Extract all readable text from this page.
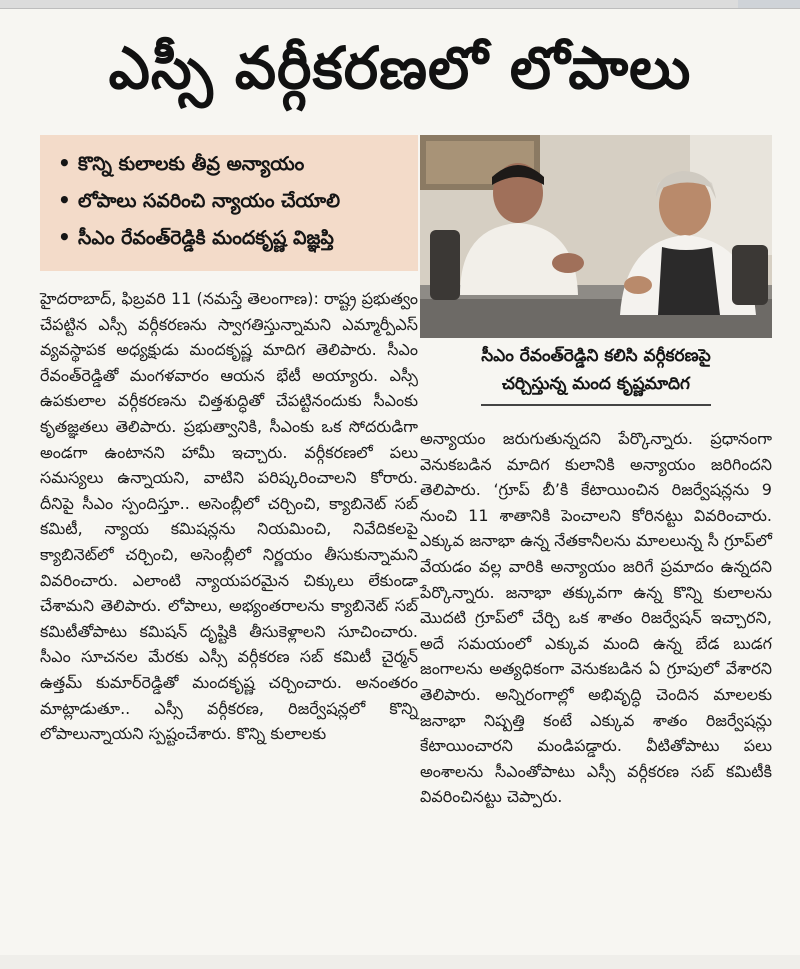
ఎస్సీ వర్గీకరణలో లోపాలు
• కొన్ని కులాలకు తీవ్ర అన్యాయం
• లోపాలు సవరించి న్యాయం చేయాలి
• సీఎం రేవంత్‌రెడ్డికి మందకృష్ణ విజ్ఞప్తి
సీఎం రేవంత్‌రెడ్డిని కలిసి వర్గీకరణపై
చర్చిస్తున్న మంద కృష్ణమాదిగ
హైదరాబాద్, ఫిబ్రవరి 11 (నమస్తే తెలంగాణ): రాష్ట్ర ప్రభుత్వం చేపట్టిన ఎస్సీ వర్గీకరణను స్వాగతిస్తున్నామని ఎమ్మార్పీఎస్ వ్యవస్థాపక అధ్యక్షుడు మందకృష్ణ మాదిగ తెలిపారు. సీఎం రేవంత్‌రెడ్డితో మంగళవారం ఆయన భేటీ అయ్యారు. ఎస్సీ ఉపకులాల వర్గీకరణను చిత్తశుద్ధితో చేపట్టినందుకు సీఎంకు కృతజ్ఞతలు తెలిపారు. ప్రభుత్వానికి, సీఎంకు ఒక సోదరుడిగా అండగా ఉంటానని హామీ ఇచ్చారు. వర్గీకరణలో పలు సమస్యలు ఉన్నాయని, వాటిని పరిష్కరించాలని కోరారు. దీనిపై సీఎం స్పందిస్తూ.. అసెంబ్లీలో చర్చించి, క్యాబినెట్ సబ్ కమిటీ, న్యాయ కమిషన్లను నియమించి, నివేదికలపై క్యాబినెట్‌లో చర్చించి, అసెంబ్లీలో నిర్ణయం తీసుకున్నామని వివరించారు. ఎలాంటి న్యాయపరమైన చిక్కులు లేకుండా చేశామని తెలిపారు. లోపాలు, అభ్యంతరాలను క్యాబినెట్ సబ్ కమిటీతోపాటు కమిషన్ దృష్టికి తీసుకెళ్లాలని సూచించారు. సీఎం సూచనల మేరకు ఎస్సీ వర్గీకరణ సబ్ కమిటీ చైర్మన్ ఉత్తమ్ కుమార్‌రెడ్డితో మందకృష్ణ చర్చించారు. అనంతరం మాట్లాడుతూ.. ఎస్సీ వర్గీకరణ, రిజర్వేషన్లలో కొన్ని లోపాలున్నాయని స్పష్టంచేశారు. కొన్ని కులాలకు
అన్యాయం జరుగుతున్నదని పేర్కొన్నారు. ప్రధానంగా వెనుకబడిన మాదిగ కులానికి అన్యాయం జరిగిందని తెలిపారు. ‘గ్రూప్ బీ’కి కేటాయించిన రిజర్వేషన్లను 9 నుంచి 11 శాతానికి పెంచాలని కోరినట్టు వివరించారు. ఎక్కువ జనాభా ఉన్న నేతకానీలను మాలలున్న సీ గ్రూప్‌లో వేయడం వల్ల వారికి అన్యాయం జరిగే ప్రమాదం ఉన్నదని పేర్కొన్నారు. జనాభా తక్కువగా ఉన్న కొన్ని కులాలను మొదటి గ్రూప్‌లో చేర్చి ఒక శాతం రిజర్వేషన్ ఇచ్చారని, అదే సమయంలో ఎక్కువ మంది ఉన్న బేడ బుడగ జంగాలను అత్యధికంగా వెనుకబడిన ఏ గ్రూపులో వేశారని తెలిపారు. అన్నిరంగాల్లో అభివృద్ధి చెందిన మాలలకు జనాభా నిష్పత్తి కంటే ఎక్కువ శాతం రిజర్వేషన్లు కేటాయించారని మండిపడ్డారు. వీటితోపాటు పలు అంశాలను సీఎంతోపాటు ఎస్సీ వర్గీకరణ సబ్ కమిటీకి వివరించినట్టు చెప్పారు.
